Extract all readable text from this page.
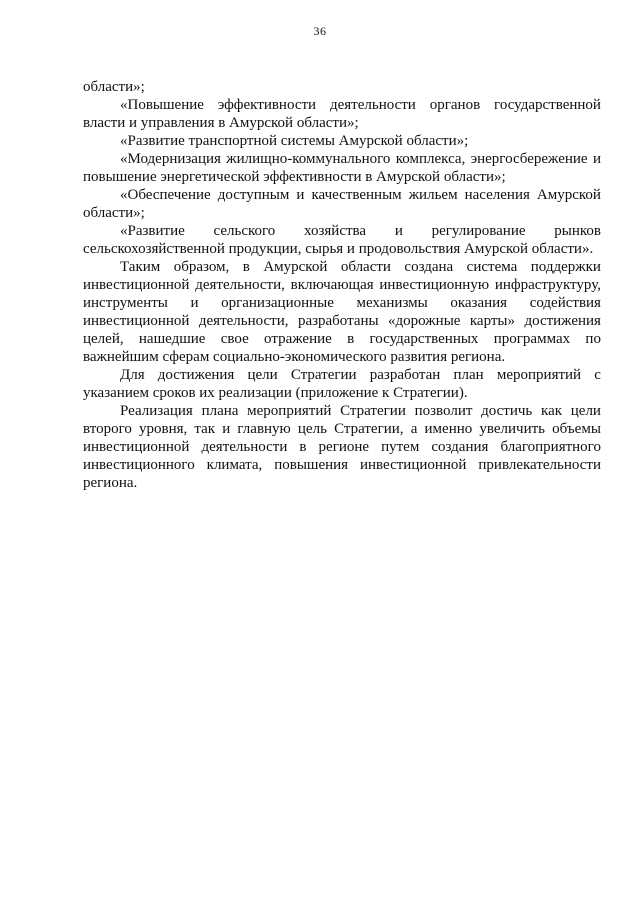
36
области»;
«Повышение эффективности деятельности органов государственной
власти и управления в Амурской области»;
«Развитие транспортной системы Амурской области»;
«Модернизация жилищно-коммунального комплекса, энергосбережение и
повышение энергетической эффективности в Амурской области»;
«Обеспечение доступным и качественным жильем населения Амурской
области»;
«Развитие сельского хозяйства и регулирование рынков
сельскохозяйственной продукции, сырья и продовольствия Амурской области».
Таким образом, в Амурской области создана система поддержки
инвестиционной деятельности, включающая инвестиционную инфраструктуру,
инструменты и организационные механизмы оказания содействия
инвестиционной деятельности, разработаны «дорожные карты» достижения
целей, нашедшие свое отражение в государственных программах по
важнейшим сферам социально-экономического развития региона.
Для достижения цели Стратегии разработан план мероприятий с
указанием сроков их реализации (приложение к Стратегии).
Реализация плана мероприятий Стратегии позволит достичь как цели
второго уровня, так и главную цель Стратегии, а именно увеличить объемы
инвестиционной деятельности в регионе путем создания благоприятного
инвестиционного климата, повышения инвестиционной привлекательности
региона.
